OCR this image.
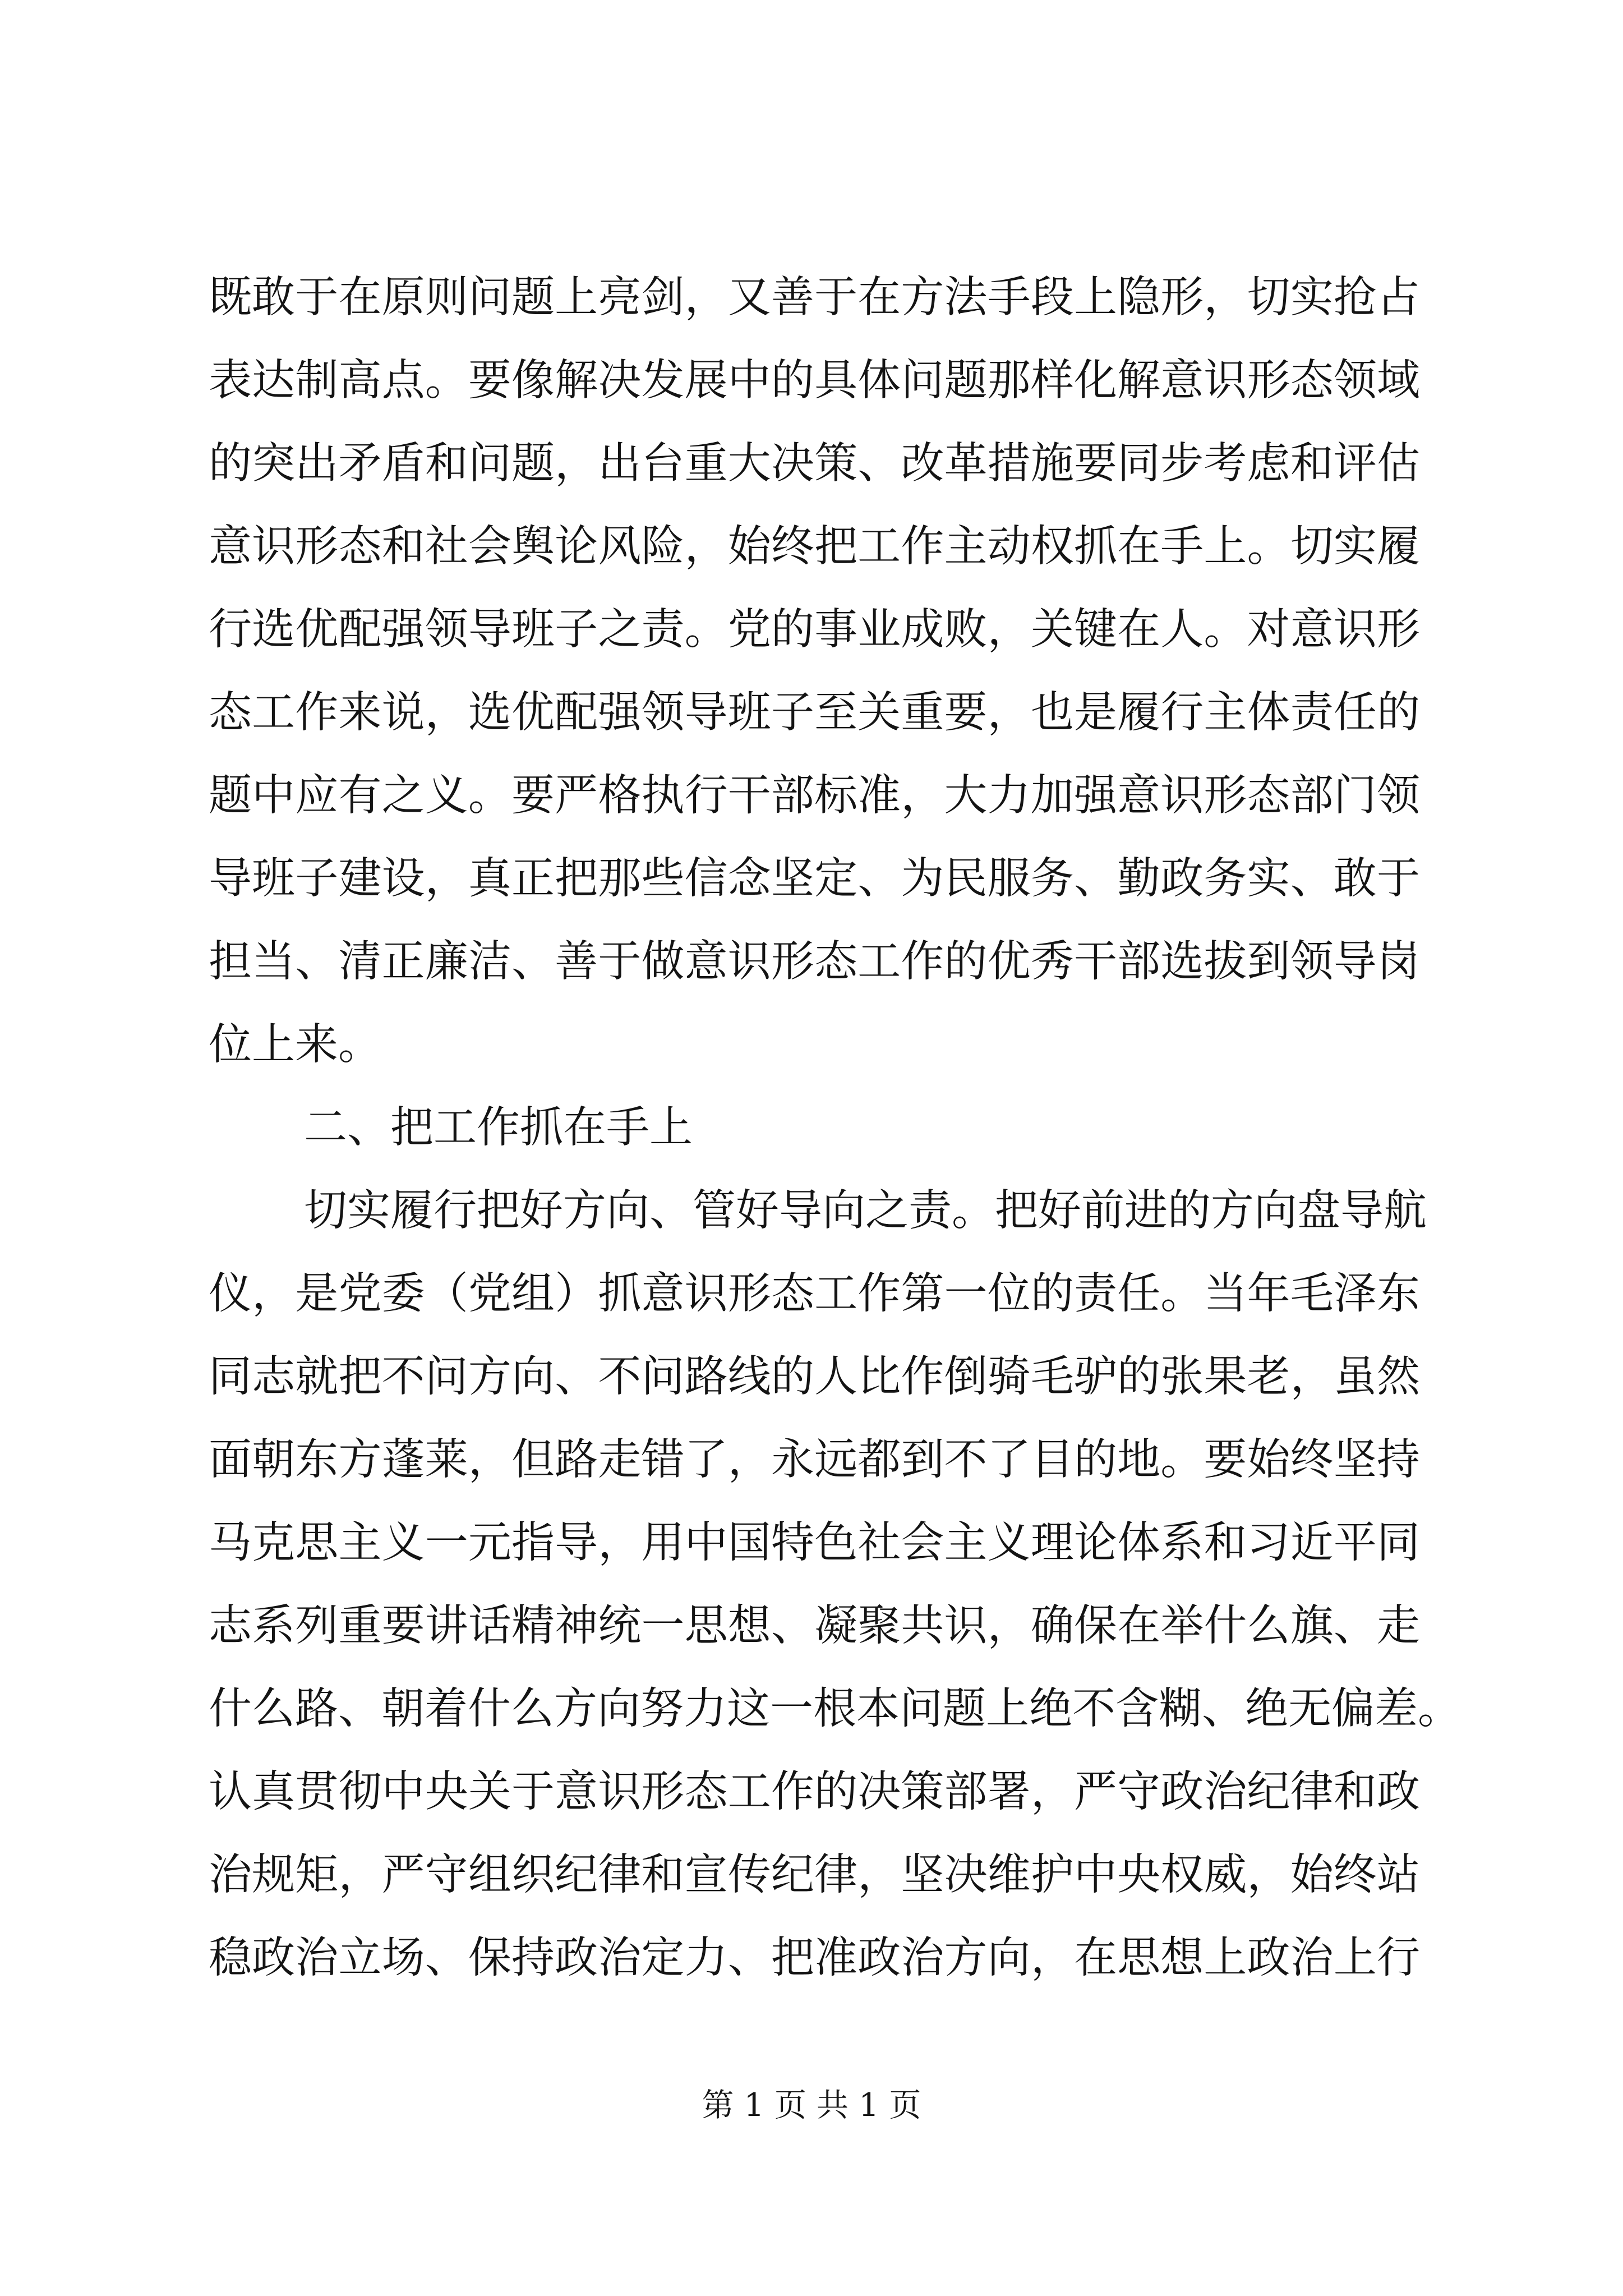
既敢于在原则问题上亮剑，又善于在方法手段上隐形，切实抢占
表达制高点。要像解决发展中的具体问题那样化解意识形态领域
的突出矛盾和问题，出台重大决策、改革措施要同步考虑和评估
意识形态和社会舆论风险，始终把工作主动权抓在手上。切实履
行选优配强领导班子之责。党的事业成败，关键在人。对意识形
态工作来说，选优配强领导班子至关重要，也是履行主体责任的
题中应有之义。要严格执行干部标准，大力加强意识形态部门领
导班子建设，真正把那些信念坚定、为民服务、勤政务实、敢于
担当、清正廉洁、善于做意识形态工作的优秀干部选拔到领导岗
位上来。
二、把工作抓在手上
切实履行把好方向、管好导向之责。把好前进的方向盘导航
仪，是党委（党组）抓意识形态工作第一位的责任。当年毛泽东
同志就把不问方向、不问路线的人比作倒骑毛驴的张果老，虽然
面朝东方蓬莱，但路走错了，永远都到不了目的地。要始终坚持
马克思主义一元指导，用中国特色社会主义理论体系和习近平同
志系列重要讲话精神统一思想、凝聚共识，确保在举什么旗、走
什么路、朝着什么方向努力这一根本问题上绝不含糊、绝无偏差。
认真贯彻中央关于意识形态工作的决策部署，严守政治纪律和政
治规矩，严守组织纪律和宣传纪律，坚决维护中央权威，始终站
稳政治立场、保持政治定力、把准政治方向，在思想上政治上行
第 1 页 共 1 页
